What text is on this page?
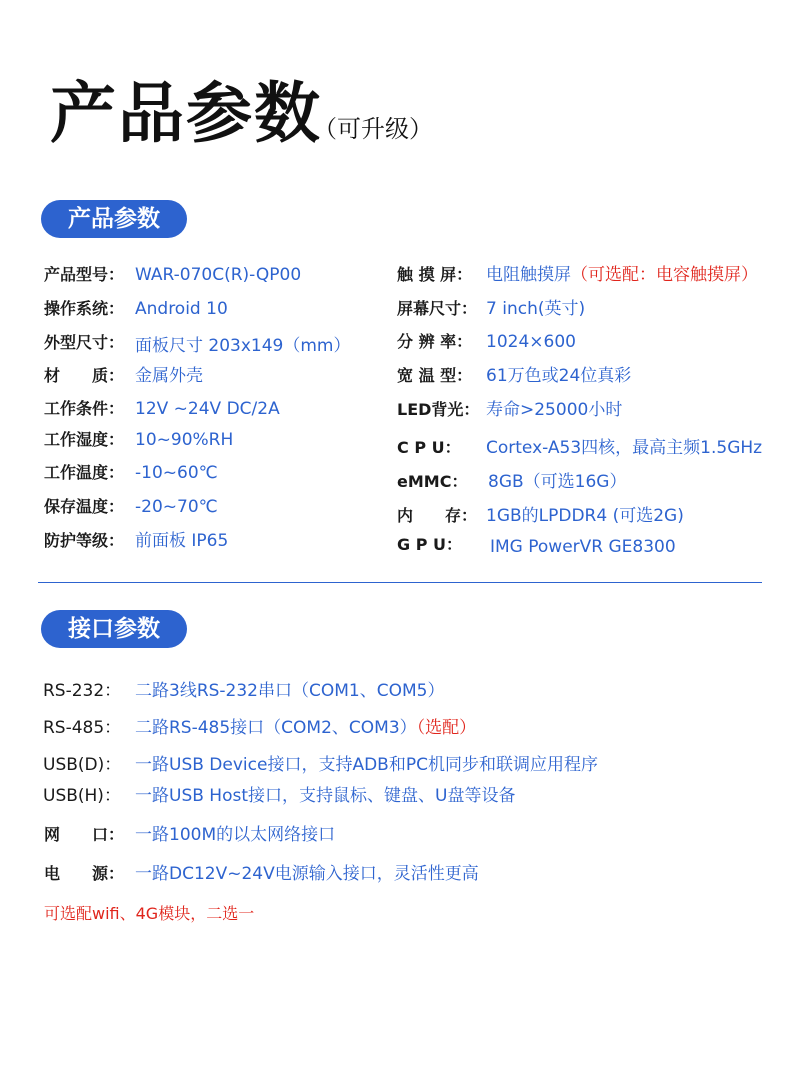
产品参数
（可升级）
产品参数
产品型号： WAR-070C(R)-QP00
操作系统： Android 10
外型尺寸： 面板尺寸 203x149（mm）
材　　质： 金属外壳
工作条件： 12V ~24V DC/2A
工作湿度： 10~90%RH
工作温度： -10~60℃
保存温度： -20~70℃
防护等级： 前面板 IP65
触 摸 屏： 电阻触摸屏（可选配：电容触摸屏）
屏幕尺寸： 7 inch(英寸)
分 辨 率： 1024×600
宽 温 型： 61万色或24位真彩
LED背光： 寿命>25000小时
C P U： Cortex-A53四核，最高主频1.5GHz
eMMC： 8GB（可选16G）
内　　存： 1GB的LPDDR4 (可选2G)
G P U： IMG PowerVR GE8300
接口参数
RS-232： 二路3线RS-232串口（COM1、COM5）
RS-485： 二路RS-485接口（COM2、COM3）（选配）
USB(D)： 一路USB Device接口，支持ADB和PC机同步和联调应用程序
USB(H)： 一路USB Host接口，支持鼠标、键盘、U盘等设备
网　　口： 一路100M的以太网络接口
电　　源： 一路DC12V~24V电源输入接口，灵活性更高
可选配wifi、4G模块，二选一
